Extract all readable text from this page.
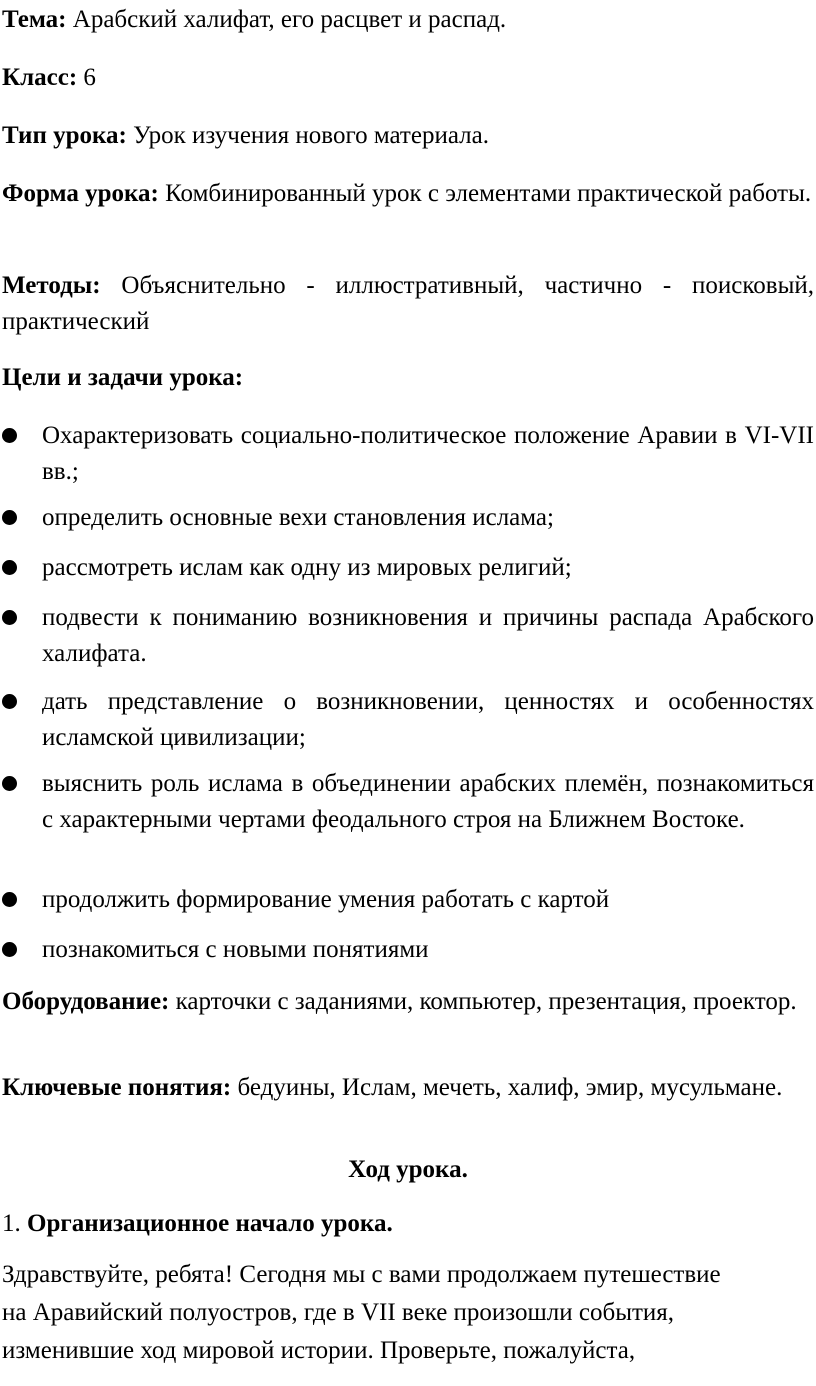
Тема: Арабский халифат, его расцвет и распад.

Класс: 6

Тип урока: Урок изучения нового материала.

Форма урока: Комбинированный урок с элементами практической работы.

Методы: Объяснительно - иллюстративный, частично - поисковый, практический

Цели и задачи урока:

Охарактеризовать социально-политическое положение Аравии в VI-VII вв.;
определить основные вехи становления ислама;
рассмотреть ислам как одну из мировых религий;
подвести к пониманию возникновения и причины распада Арабского халифата.
дать представление о возникновении, ценностях и особенностях исламской цивилизации;
выяснить роль ислама в объединении арабских племён, познакомиться с характерными чертами феодального строя на Ближнем Востоке.
продолжить формирование умения работать с картой
познакомиться с новыми понятиями

Оборудование: карточки с заданиями, компьютер, презентация, проектор.

Ключевые понятия: бедуины, Ислам, мечеть, халиф, эмир, мусульмане.

Ход урока.

1. Организационное начало урока.

Здравствуйте, ребята! Сегодня мы с вами продолжаем путешествие
на Аравийский полуостров, где в VII веке произошли события,
изменившие ход мировой истории. Проверьте, пожалуйста,
